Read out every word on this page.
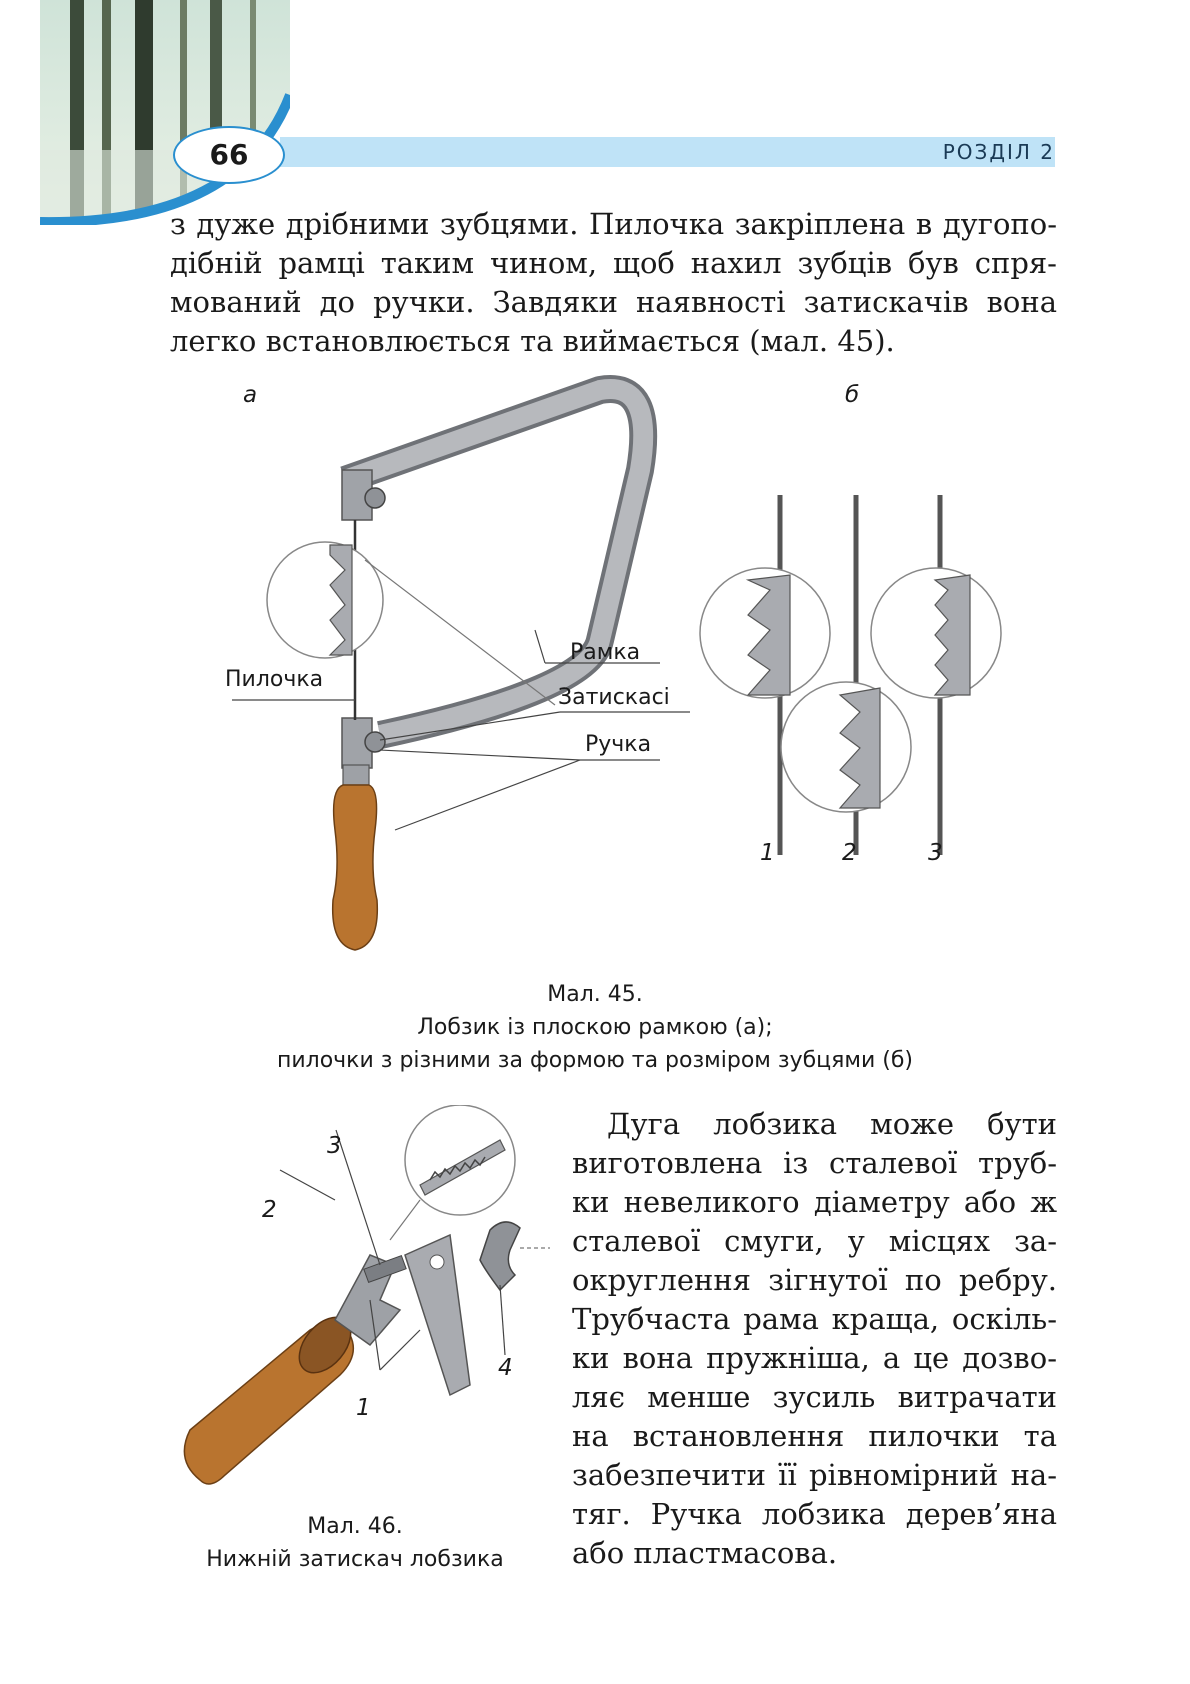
66	РОЗДІЛ 2
з дуже дрібними зубцями. Пилочка закріплена в дугопо-
дібній рамці таким чином, щоб нахил зубців був спря-
мований до ручки. Завдяки наявності затискачів вона
легко встановлюється та виймається (мал. 45).
а	б
Пилочка
Рамка
Затискасі
Ручка
1	2	3
Мал. 45.
Лобзик із плоскою рамкою (а);
пилочки з різними за формою та розміром зубцями (б)
3
2
1
4
Мал. 46.
Нижній затискач лобзика
Дуга лобзика може бути
виготовлена із сталевої труб-
ки невеликого діаметру або ж
сталевої смуги, у місцях за-
округлення зігнутої по ребру.
Трубчаста рама краща, оскіль-
ки вона пружніша, а це дозво-
ляє менше зусиль витрачати
на встановлення пилочки та
забезпечити її рівномірний на-
тяг. Ручка лобзика дерев’яна
або пластмасова.
